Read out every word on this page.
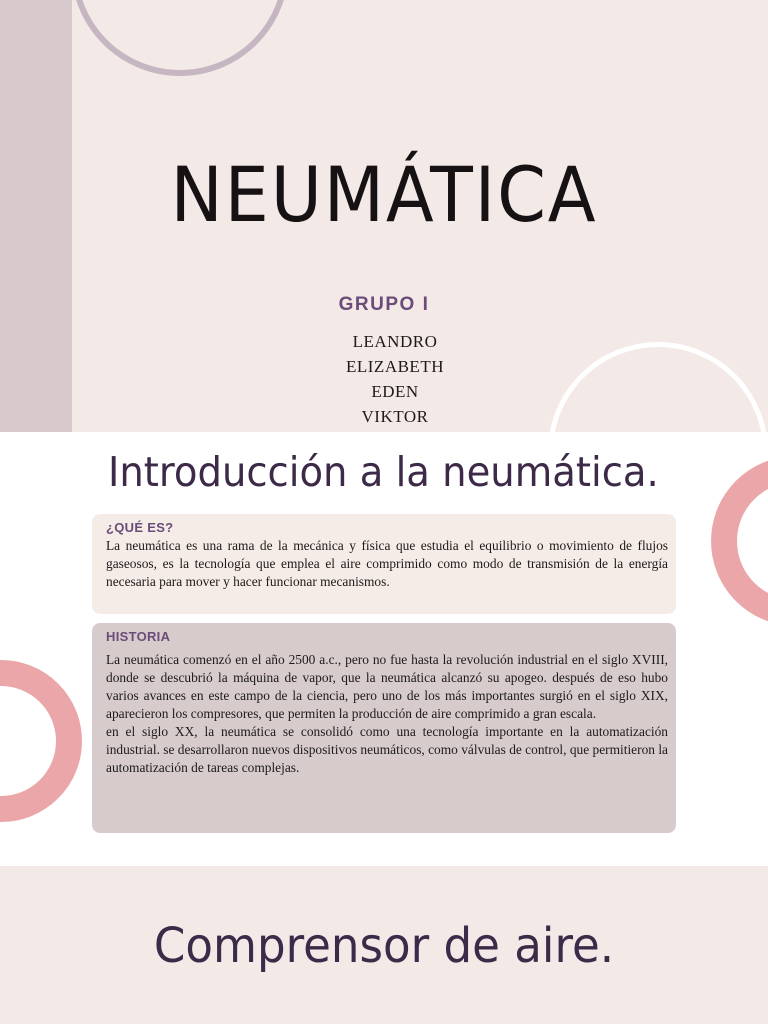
NEUMÁTICA
GRUPO I
LEANDRO
ELIZABETH
EDEN
VIKTOR
Introducción a la neumática.
¿QUÉ ES?

La neumática es una rama de la mecánica y física que estudia el equilibrio o movimiento de flujos gaseosos, es la tecnología que emplea el aire comprimido como modo de transmisión de la energía necesaria para mover y hacer funcionar mecanismos.

HISTORIA

La neumática comenzó en el año 2500 a.c., pero no fue hasta la revolución industrial en el siglo XVIII, donde se descubrió la máquina de vapor, que la neumática alcanzó su apogeo. después de eso hubo varios avances en este campo de la ciencia, pero uno de los más importantes surgió en el siglo XIX, aparecieron los compresores, que permiten la producción de aire comprimido a gran escala.

en el siglo XX, la neumática se consolidó como una tecnología importante en la automatización industrial. se desarrollaron nuevos dispositivos neumáticos, como válvulas de control, que permitieron la automatización de tareas complejas.

Comprensor de aire.
